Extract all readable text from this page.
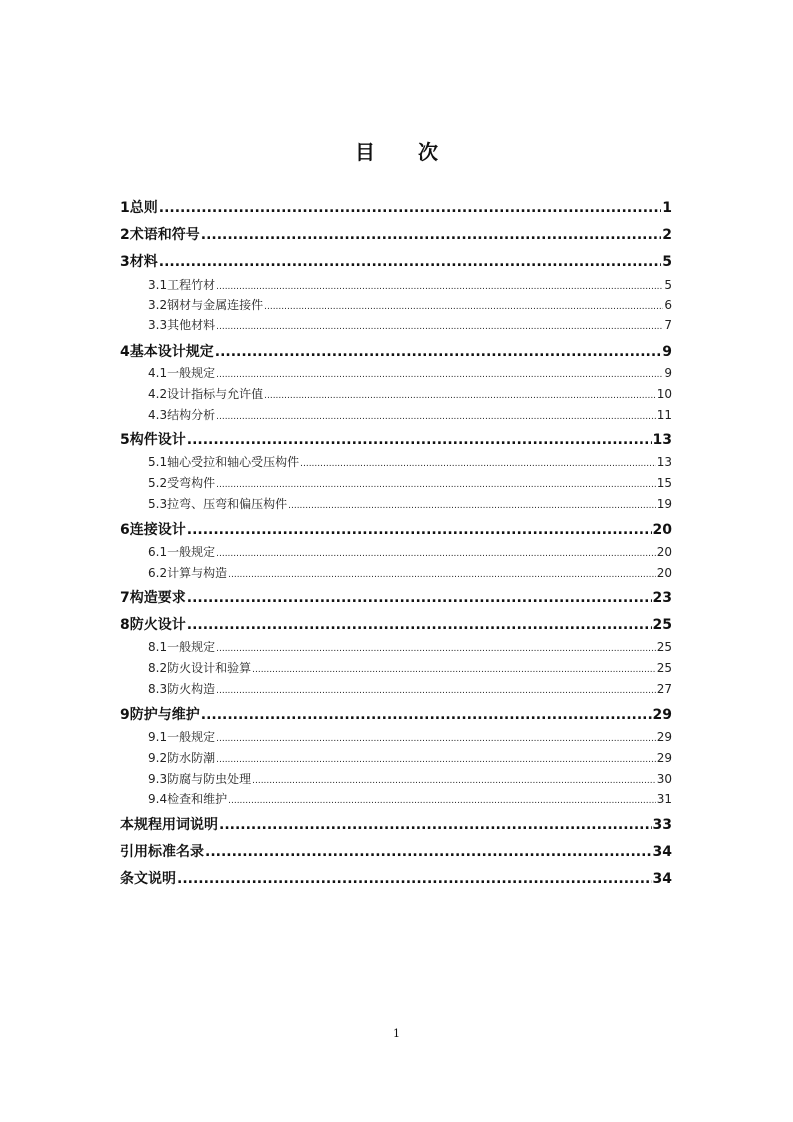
目 次
1 总则 .....	1
2 术语和符号 .....	2
3 材料 .....	5
3.1 工程竹材 .....	5
3.2 钢材与金属连接件 .....	6
3.3 其他材料 .....	7
4 基本设计规定 .....	9
4.1 一般规定 .....	9
4.2 设计指标与允许值 .....	10
4.3 结构分析 .....	11
5 构件设计 .....	13
5.1 轴心受拉和轴心受压构件 .....	13
5.2 受弯构件 .....	15
5.3 拉弯、压弯和偏压构件 .....	19
6 连接设计 .....	20
6.1 一般规定 .....	20
6.2 计算与构造 .....	20
7 构造要求 .....	23
8 防火设计 .....	25
8.1 一般规定 .....	25
8.2 防火设计和验算 .....	25
8.3 防火构造 .....	27
9 防护与维护 .....	29
9.1 一般规定 .....	29
9.2 防水防潮 .....	29
9.3 防腐与防虫处理 .....	30
9.4 检查和维护 .....	31
本规程用词说明 .....	33
引用标准名录 .....	34
条文说明 .....	34
1
